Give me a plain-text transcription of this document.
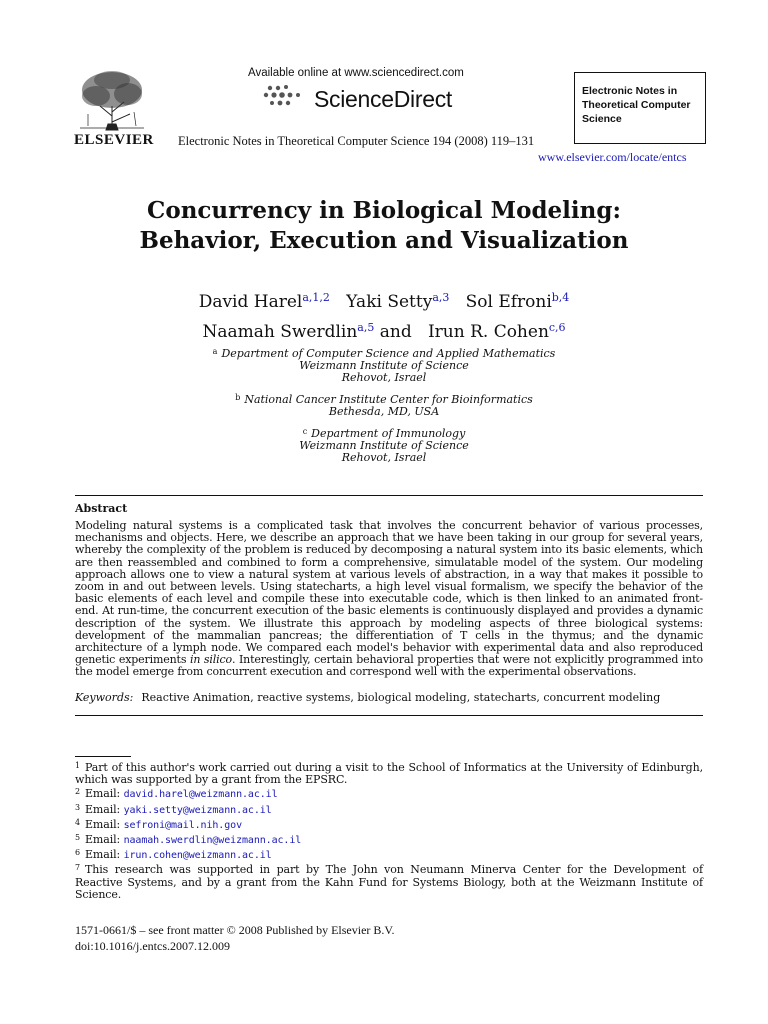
ELSEVIER
Available online at www.sciencedirect.com
ScienceDirect
Electronic Notes in Theoretical Computer Science 194 (2008) 119–131
Electronic Notes in Theoretical Computer Science
www.elsevier.com/locate/entcs
Concurrency in Biological Modeling:
Behavior, Execution and Visualization
David Harel$^{a,1,2}$ Yaki Setty$^{a,3}$ Sol Efroni$^{b,4}$
Naamah Swerdlin$^{a,5}$ and Irun R. Cohen$^{c,6}$
$^a$ Department of Computer Science and Applied Mathematics
Weizmann Institute of Science
Rehovot, Israel
$^b$ National Cancer Institute Center for Bioinformatics
Bethesda, MD, USA
$^c$ Department of Immunology
Weizmann Institute of Science
Rehovot, Israel
Abstract
Modeling natural systems is a complicated task that involves the concurrent behavior of various processes, mechanisms and objects. Here, we describe an approach that we have been taking in our group for several years, whereby the complexity of the problem is reduced by decomposing a natural system into its basic elements, which are then reassembled and combined to form a comprehensive, simulatable model of the system. Our modeling approach allows one to view a natural system at various levels of abstraction, in a way that makes it possible to zoom in and out between levels. Using statecharts, a high level visual formalism, we specify the behavior of the basic elements of each level and compile these into executable code, which is then linked to an animated front-end. At run-time, the concurrent execution of the basic elements is continuously displayed and provides a dynamic description of the system. We illustrate this approach by modeling aspects of three biological systems: development of the mammalian pancreas; the differentiation of T cells in the thymus; and the dynamic architecture of a lymph node. We compared each model's behavior with experimental data and also reproduced genetic experiments in silico. Interestingly, certain behavioral properties that were not explicitly programmed into the model emerge from concurrent execution and correspond well with the experimental observations.
Keywords: Reactive Animation, reactive systems, biological modeling, statecharts, concurrent modeling
$^1$ Part of this author's work carried out during a visit to the School of Informatics at the University of Edinburgh, which was supported by a grant from the EPSRC.
$^2$ Email: david.harel@weizmann.ac.il
$^3$ Email: yaki.setty@weizmann.ac.il
$^4$ Email: sefroni@mail.nih.gov
$^5$ Email: naamah.swerdlin@weizmann.ac.il
$^6$ Email: irun.cohen@weizmann.ac.il
$^7$ This research was supported in part by The John von Neumann Minerva Center for the Development of Reactive Systems, and by a grant from the Kahn Fund for Systems Biology, both at the Weizmann Institute of Science.
1571-0661/$ – see front matter © 2008 Published by Elsevier B.V.
doi:10.1016/j.entcs.2007.12.009
